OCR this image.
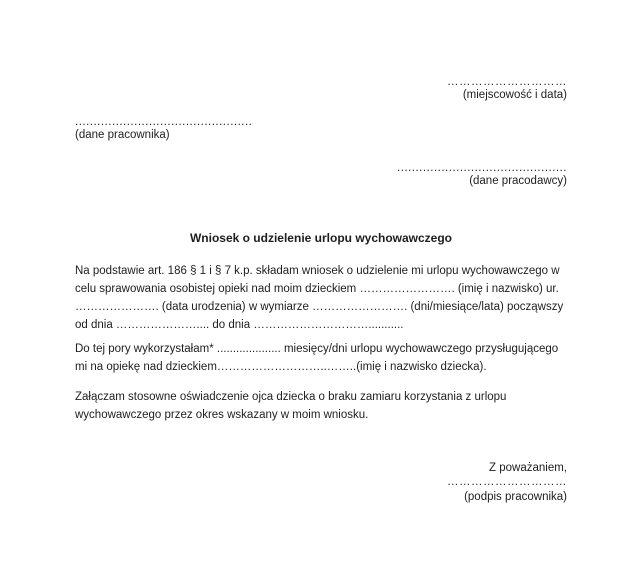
…………………………
(miejscowość i data)
................................................
(dane pracownika)
..............................................
(dane pracodawcy)
Wniosek o udzielenie urlopu wychowawczego
Na podstawie art. 186 § 1 i § 7 k.p. składam wniosek o udzielenie mi urlopu wychowawczego w
celu sprawowania osobistej opieki nad moim dzieckiem ……………………. (imię i nazwisko) ur.
…………………. (data urodzenia) w wymiarze ……………………. (dni/miesiące/lata) począwszy
od dnia ………………….... do dnia …………………………...........
Do tej pory wykorzystałam* .................... miesięcy/dni urlopu wychowawczego przysługującego
mi na opiekę nad dzieckiem………………………..……..(imię i nazwisko dziecka).
Załączam stosowne oświadczenie ojca dziecka o braku zamiaru korzystania z urlopu
wychowawczego przez okres wskazany w moim wniosku.
Z poważaniem,
…………………………
(podpis pracownika)
